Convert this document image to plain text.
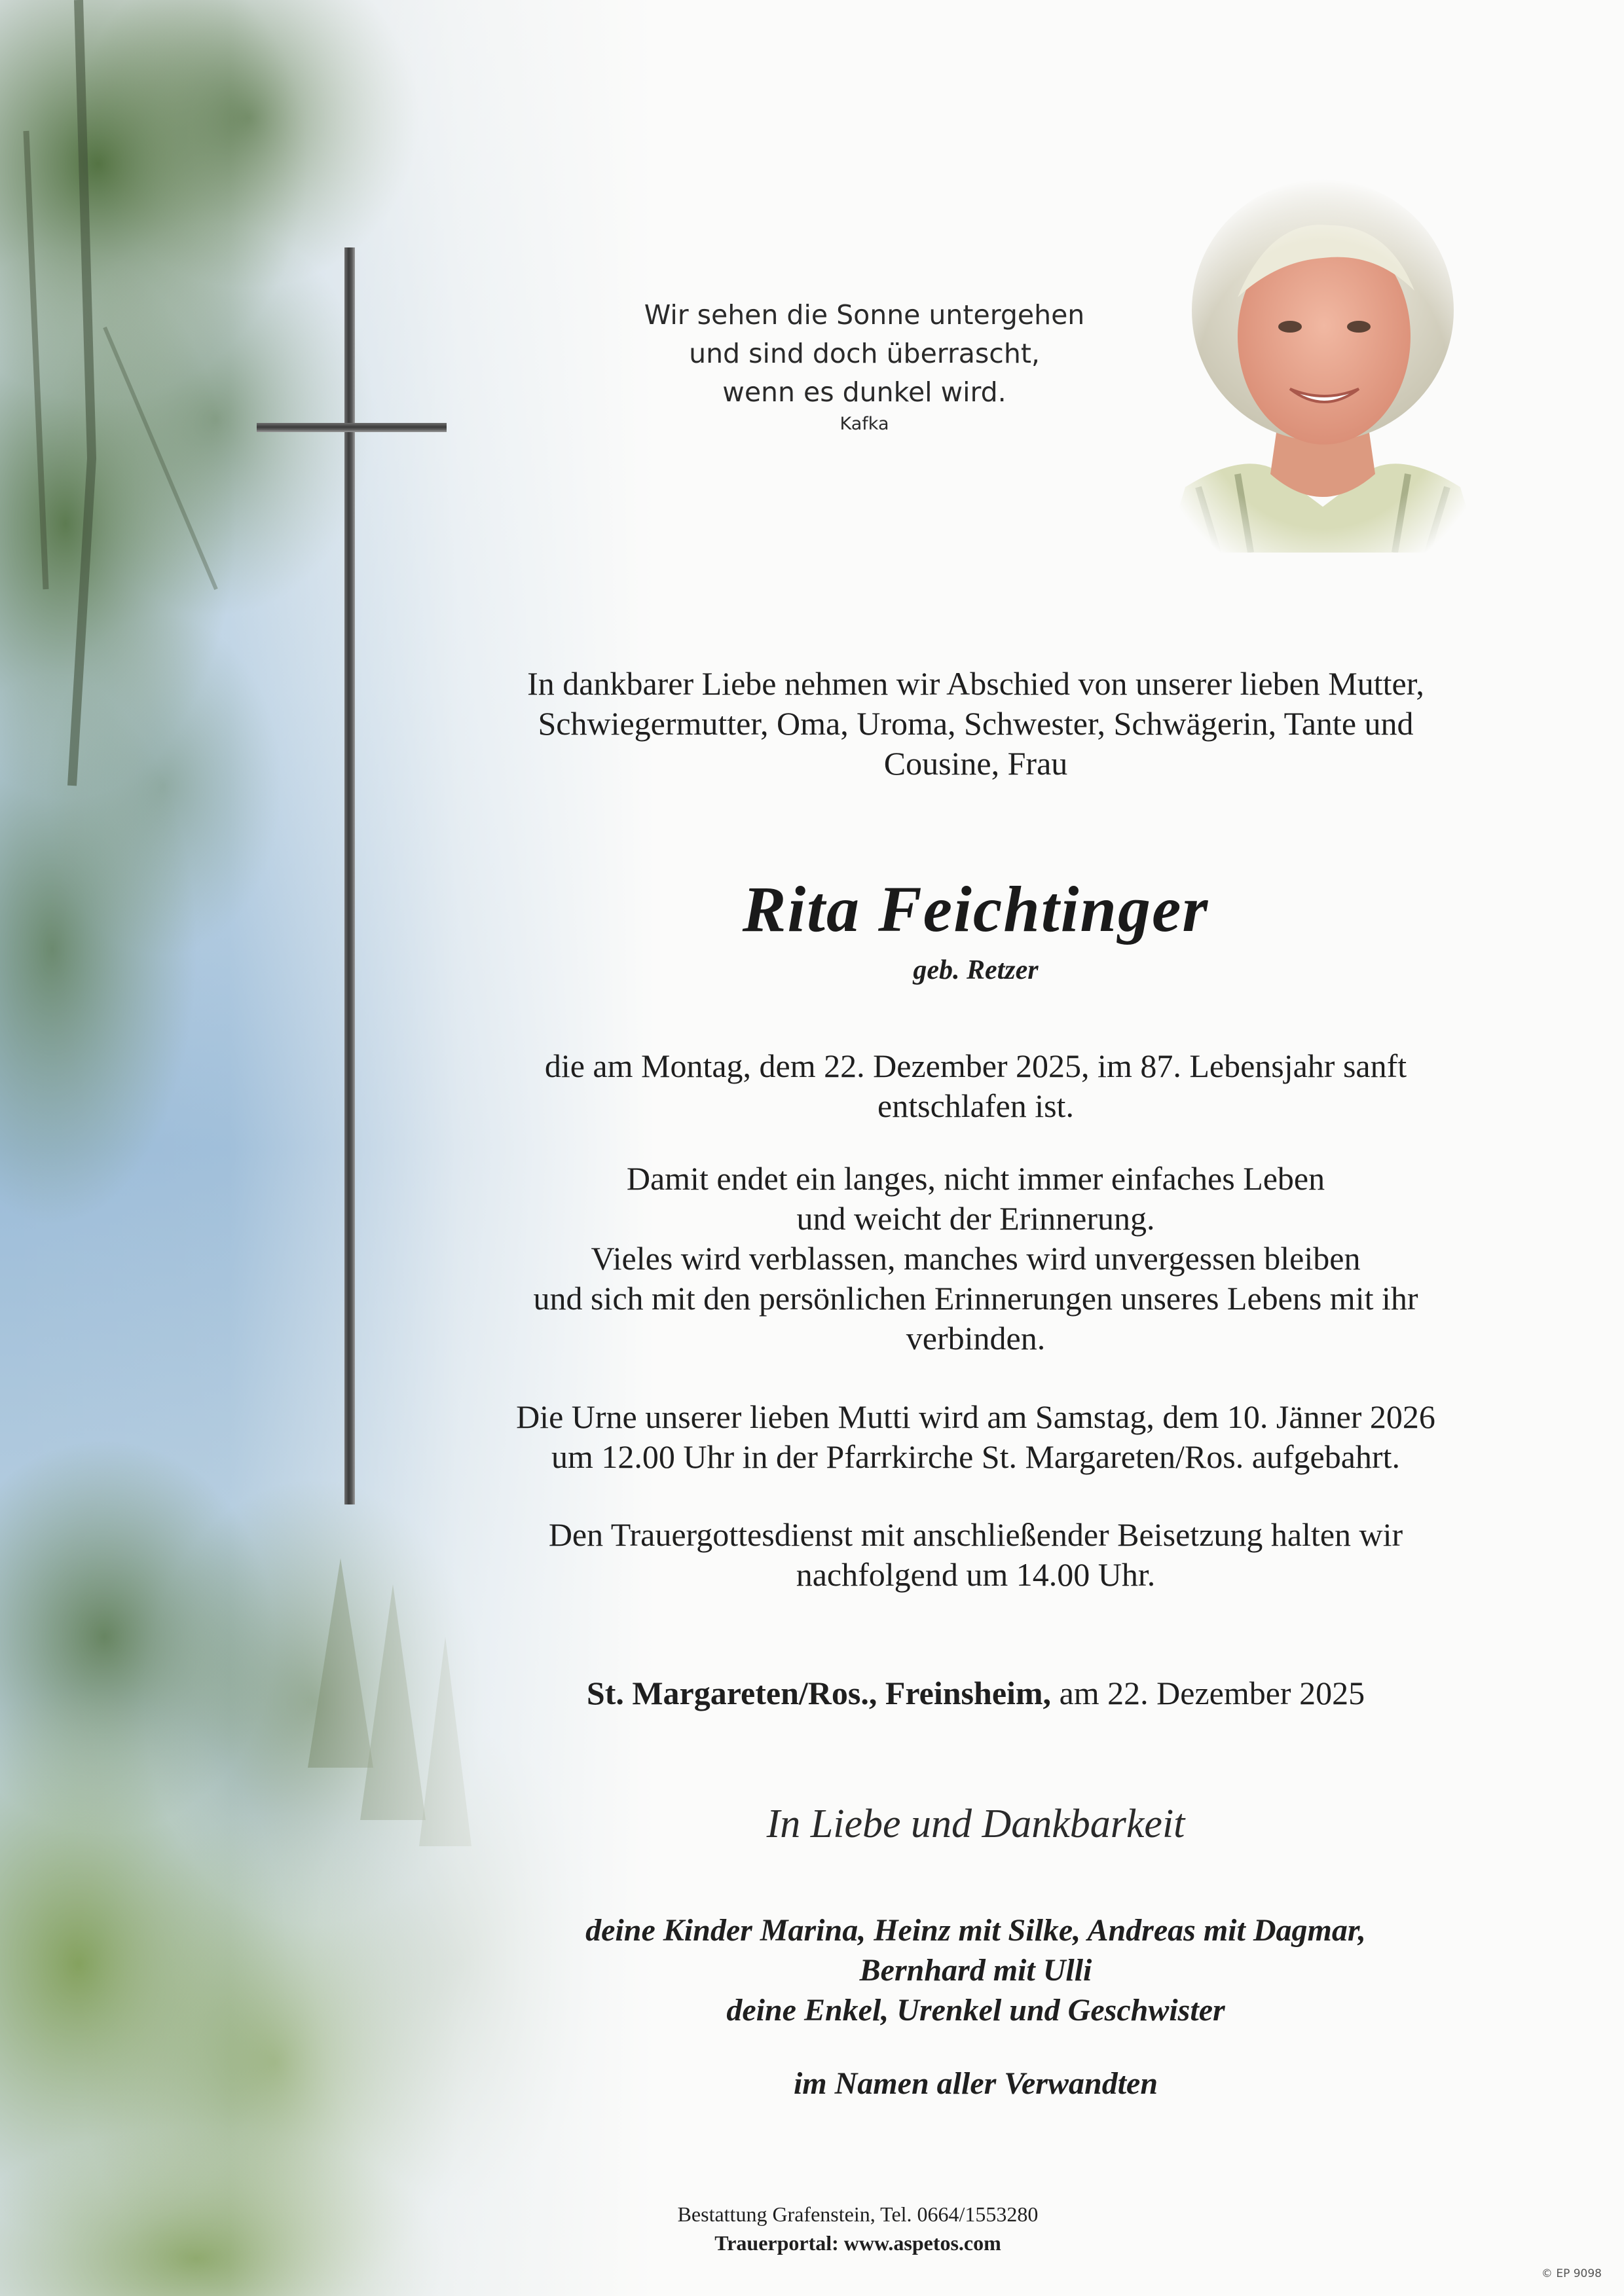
Wir sehen die Sonne untergehen
und sind doch überrascht,
wenn es dunkel wird.
Kafka
In dankbarer Liebe nehmen wir Abschied von unserer lieben Mutter,
Schwiegermutter, Oma, Uroma, Schwester, Schwägerin, Tante und
Cousine, Frau
Rita Feichtinger
geb. Retzer
die am Montag, dem 22. Dezember 2025, im 87. Lebensjahr sanft
entschlafen ist.
Damit endet ein langes, nicht immer einfaches Leben
und weicht der Erinnerung.
Vieles wird verblassen, manches wird unvergessen bleiben
und sich mit den persönlichen Erinnerungen unseres Lebens mit ihr
verbinden.
Die Urne unserer lieben Mutti wird am Samstag, dem 10. Jänner 2026
um 12.00 Uhr in der Pfarrkirche St. Margareten/Ros. aufgebahrt.
Den Trauergottesdienst mit anschließender Beisetzung halten wir
nachfolgend um 14.00 Uhr.
St. Margareten/Ros., Freinsheim, am 22. Dezember 2025
In Liebe und Dankbarkeit
deine Kinder Marina, Heinz mit Silke, Andreas mit Dagmar,
Bernhard mit Ulli
deine Enkel, Urenkel und Geschwister
im Namen aller Verwandten
Bestattung Grafenstein, Tel. 0664/1553280
Trauerportal: www.aspetos.com
© EP 9098
